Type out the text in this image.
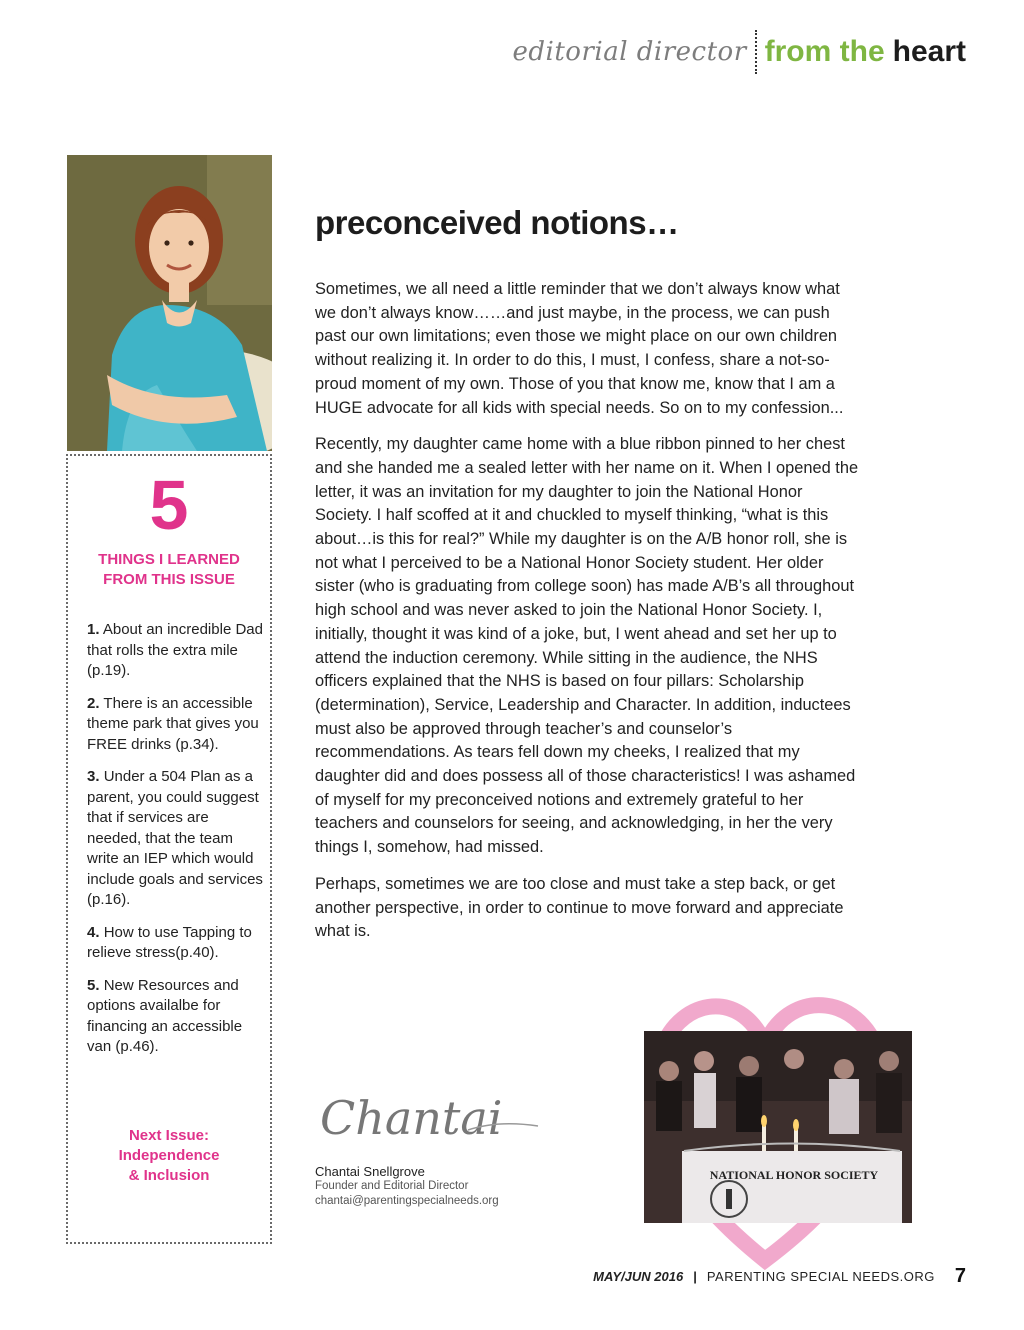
editorial director from the heart
5
THINGS I LEARNED
FROM THIS ISSUE
1. About an incredible Dad that rolls the extra mile (p.19).
2. There is an accessible theme park that gives you FREE drinks (p.34).
3. Under a 504 Plan as a parent, you could suggest that if services are needed, that the team write an IEP which would include goals and services (p.16).
4. How to use Tapping to relieve stress(p.40).
5. New Resources and options availalbe for financing an accessible van (p.46).
Next Issue:
Independence
& Inclusion
preconceived notions…

Sometimes, we all need a little reminder that we don’t always know what we don’t always know……and just maybe, in the process, we can push past our own limitations; even those we might place on our own children without realizing it. In order to do this, I must, I confess, share a not-so-proud moment of my own. Those of you that know me, know that I am a HUGE advocate for all kids with special needs. So on to my confession...

Recently, my daughter came home with a blue ribbon pinned to her chest and she handed me a sealed letter with her name on it. When I opened the letter, it was an invitation for my daughter to join the National Honor Society. I half scoffed at it and chuckled to myself thinking, “what is this about…is this for real?” While my daughter is on the A/B honor roll, she is not what I perceived to be a National Honor Society student. Her older sister (who is graduating from college soon) has made A/B’s all throughout high school and was never asked to join the National Honor Society. I, initially, thought it was kind of a joke, but, I went ahead and set her up to attend the induction ceremony. While sitting in the audience, the NHS officers explained that the NHS is based on four pillars: Scholarship (determination), Service, Leadership and Character. In addition, inductees must also be approved through teacher’s and counselor’s recommendations. As tears fell down my cheeks, I realized that my daughter did and does possess all of those characteristics! I was ashamed of myself for my preconceived notions and extremely grateful to her teachers and counselors for seeing, and acknowledging, in her the very things I, somehow, had missed.

Perhaps, sometimes we are too close and must take a step back, or get another perspective, in order to continue to move forward and appreciate what is.

NATIONAL HONOR SOCIETY
Chantai
Chantai Snellgrove
Founder and Editorial Director
chantai@parentingspecialneeds.org
MAY/JUN 2016 | PARENTING SPECIAL NEEDS.ORG 7
